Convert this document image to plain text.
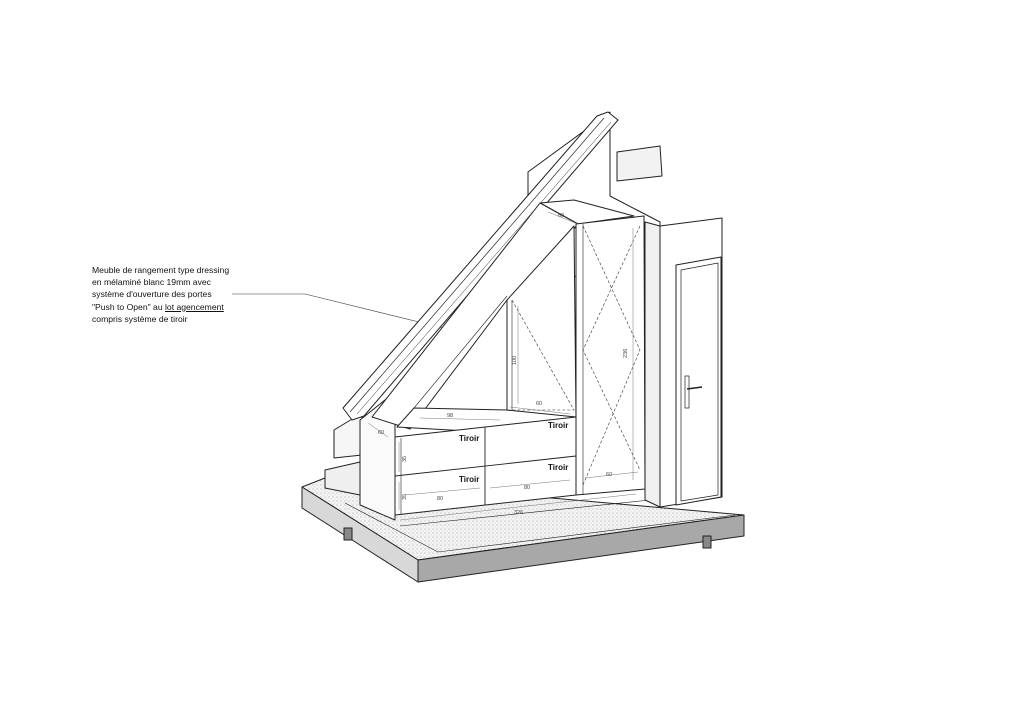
Meuble de rangement type dressing
en mélaminé blanc 19mm avec
système d'ouverture des portes
"Push to Open" au lot agencement
compris système de tiroir
60
236
100
98
60
60
35
35	80
80
60
326
Tiroir
Tiroir
Tiroir
Tiroir
